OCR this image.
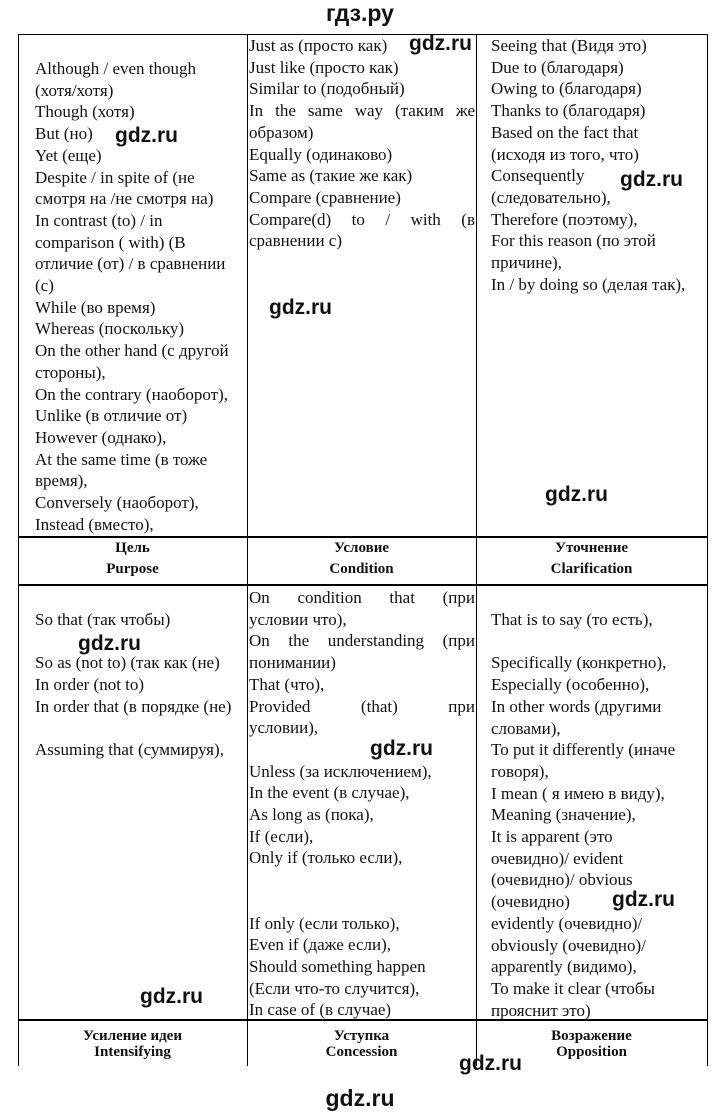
гдз.ру
Although / even though
(хотя/хотя)
Though (хотя)
But (но)
Yet (еще)
Despite / in spite of (не
смотря на /не смотря на)
In contrast (to) / in
comparison ( with) (В
отличие (от) / в сравнении
(с)
While (во время)
Whereas (поскольку)
On the other hand (с другой
стороны),
On the contrary (наоборот),
Unlike (в отличие от)
However (однако),
At the same time (в тоже
время),
Conversely (наоборот),
Instead (вместо),
Just as (просто как)
Just like (просто как)
Similar to (подобный)
In the same way (таким же
образом)
Equally (одинаково)
Same as (такие же как)
Compare (сравнение)
Compare(d) to / with (в
сравнении с)
Seeing that (Видя это)
Due to (благодаря)
Owing to (благодаря)
Thanks to (благодаря)
Based on the fact that
(исходя из того, что)
Consequently
(следовательно),
Therefore (поэтому),
For this reason (по этой
причине),
In / by doing so (делая так),
Цель
Purpose
Условие
Condition
Уточнение
Clarification
So that (так чтобы)
So as (not to) (так как (не)
In order (not to)
In order that (в порядке (не)
Assuming that (суммируя),
On condition that (при
условии что),
On the understanding (при
понимании)
That (что),
Provided (that) при
условии),
Unless (за исключением),
In the event (в случае),
As long as (пока),
If (если),
Only if (только если),
If only (если только),
Even if (даже если),
Should something happen
(Если что-то случится),
In case of (в случае)
That is to say (то есть),
Specifically (конкретно),
Especially (особенно),
In other words (другими
словами),
To put it differently (иначе
говоря),
I mean ( я имею в виду),
Meaning (значение),
It is apparent (это
очевидно)/ evident
(очевидно)/ obvious
(очевидно)
evidently (очевидно)/
obviously (очевидно)/
apparently (видимо),
To make it clear (чтобы
прояснит это)
Усиление идеи
Intensifying
Уступка
Concession
Возражение
Opposition
gdz.ru
gdz.ru
gdz.ru
gdz.ru
gdz.ru
gdz.ru
gdz.ru
gdz.ru
gdz.ru
gdz.ru
gdz.ru
